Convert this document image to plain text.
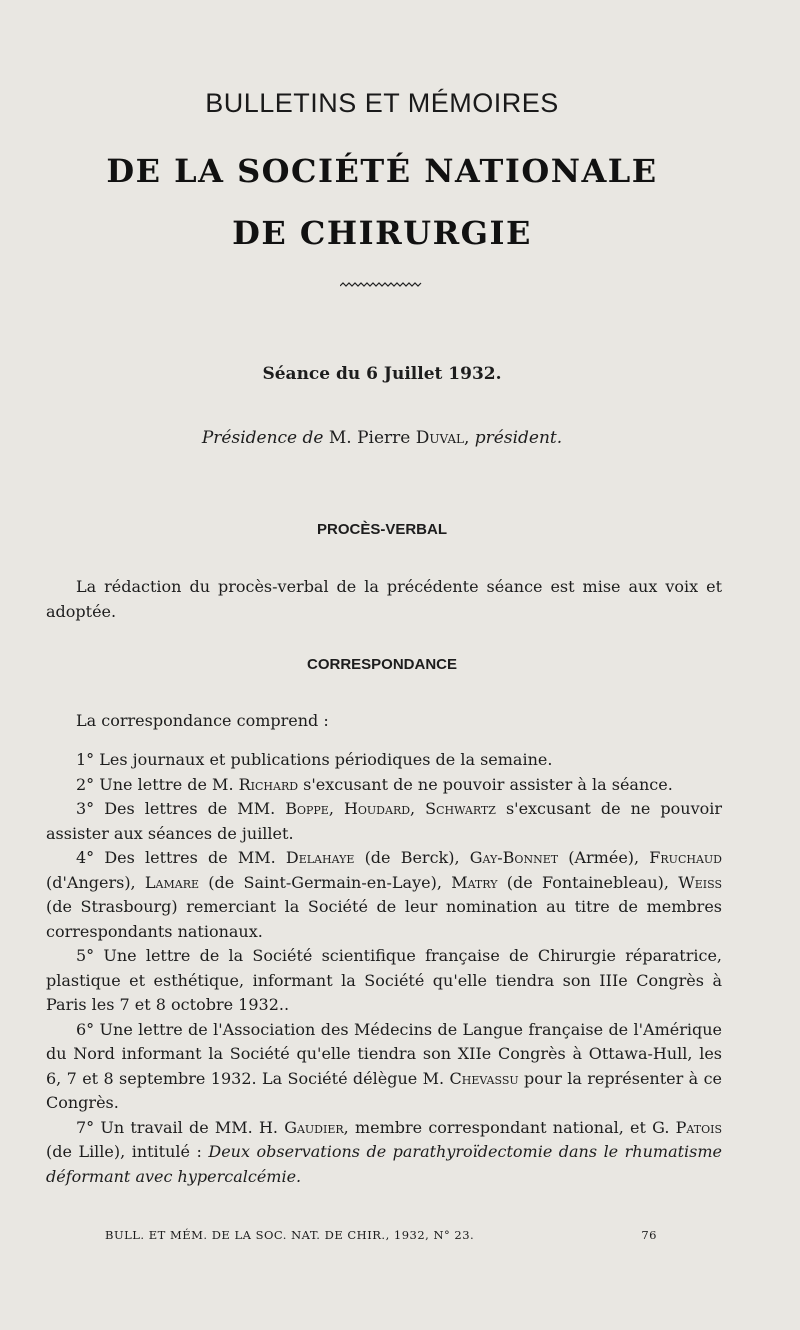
BULLETINS ET MÉMOIRES
DE LA SOCIÉTÉ NATIONALE
DE CHIRURGIE
Séance du 6 Juillet 1932.
Présidence de M. Pierre Duval, président.
PROCÈS-VERBAL

La rédaction du procès-verbal de la précédente séance est mise aux voix et adoptée.

CORRESPONDANCE

La correspondance comprend :

1° Les journaux et publications périodiques de la semaine.

2° Une lettre de M. Richard s'excusant de ne pouvoir assister à la séance.

3° Des lettres de MM. Boppe, Houdard, Schwartz s'excusant de ne pouvoir assister aux séances de juillet.

4° Des lettres de MM. Delahaye (de Berck), Gay-Bonnet (Armée), Fruchaud (d'Angers), Lamare (de Saint-Germain-en-Laye), Matry (de Fontainebleau), Weiss (de Strasbourg) remerciant la Société de leur nomination au titre de membres correspondants nationaux.

5° Une lettre de la Société scientifique française de Chirurgie réparatrice, plastique et esthétique, informant la Société qu'elle tiendra son IIIe Congrès à Paris les 7 et 8 octobre 1932..

6° Une lettre de l'Association des Médecins de Langue française de l'Amérique du Nord informant la Société qu'elle tiendra son XIIe Congrès à Ottawa-Hull, les 6, 7 et 8 septembre 1932. La Société délègue M. Chevassu pour la représenter à ce Congrès.

7° Un travail de MM. H. Gaudier, membre correspondant national, et G. Patois (de Lille), intitulé : Deux observations de parathyroïdectomie dans le rhumatisme déformant avec hypercalcémie.

BULL. ET MÉM. DE LA SOC. NAT. DE CHIR., 1932, N° 23.	76
